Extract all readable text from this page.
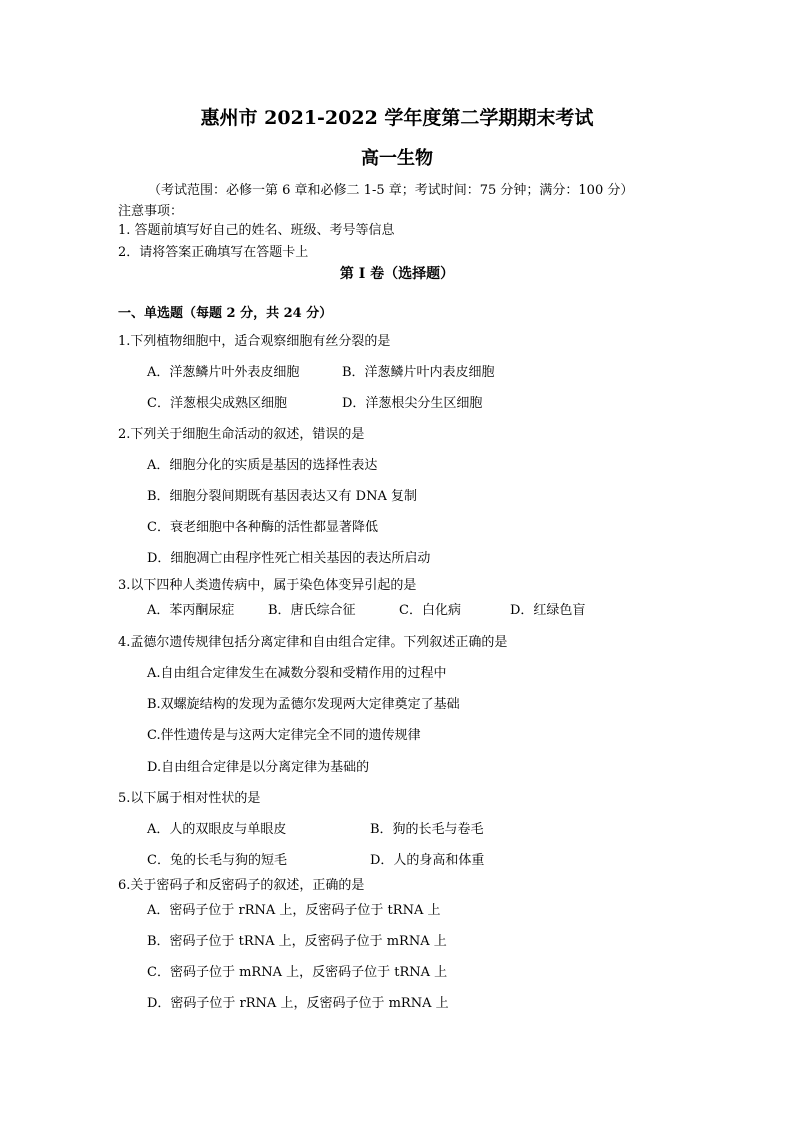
惠州市 2021-2022 学年度第二学期期末考试
高一生物
（考试范围：必修一第 6 章和必修二 1-5 章；考试时间：75 分钟；满分：100 分）
注意事项：
1. 答题前填写好自己的姓名、班级、考号等信息
2．请将答案正确填写在答题卡上
第 I 卷（选择题）
一、单选题（每题 2 分，共 24 分）
1.下列植物细胞中，适合观察细胞有丝分裂的是
A．洋葱鳞片叶外表皮细胞	B．洋葱鳞片叶内表皮细胞
C．洋葱根尖成熟区细胞	D．洋葱根尖分生区细胞
2.下列关于细胞生命活动的叙述，错误的是
A．细胞分化的实质是基因的选择性表达
B．细胞分裂间期既有基因表达又有 DNA 复制
C．衰老细胞中各种酶的活性都显著降低
D．细胞凋亡由程序性死亡相关基因的表达所启动
3.以下四种人类遗传病中，属于染色体变异引起的是
A．苯丙酮尿症	B．唐氏综合征	C．白化病	D．红绿色盲
4.孟德尔遗传规律包括分离定律和自由组合定律。下列叙述正确的是
A.自由组合定律发生在减数分裂和受精作用的过程中
B.双螺旋结构的发现为孟德尔发现两大定律奠定了基础
C.伴性遗传是与这两大定律完全不同的遗传规律
D.自由组合定律是以分离定律为基础的
5.以下属于相对性状的是
A．人的双眼皮与单眼皮	B．狗的长毛与卷毛
C．兔的长毛与狗的短毛	D．人的身高和体重
6.关于密码子和反密码子的叙述，正确的是
A．密码子位于 rRNA 上，反密码子位于 tRNA 上
B．密码子位于 tRNA 上，反密码子位于 mRNA 上
C．密码子位于 mRNA 上，反密码子位于 tRNA 上
D．密码子位于 rRNA 上，反密码子位于 mRNA 上
